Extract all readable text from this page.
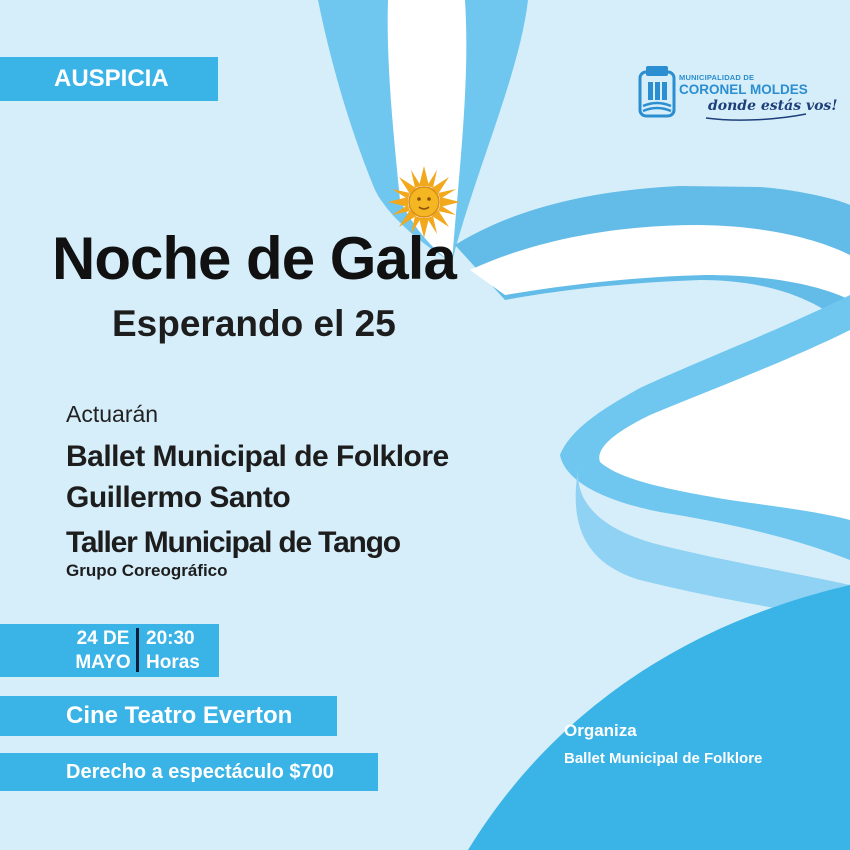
AUSPICIA	MUNICIPALIDAD DE
CORONEL MOLDES
donde estás vos!
Noche de Gala
Esperando el 25
Actuarán
Ballet Municipal de Folklore
Guillermo Santo
Taller Municipal de Tango
Grupo Coreográfico
24 DE
MAYO
20:30
Horas
Cine Teatro Everton
Derecho a espectáculo $700
Organiza
Ballet Municipal de Folklore
